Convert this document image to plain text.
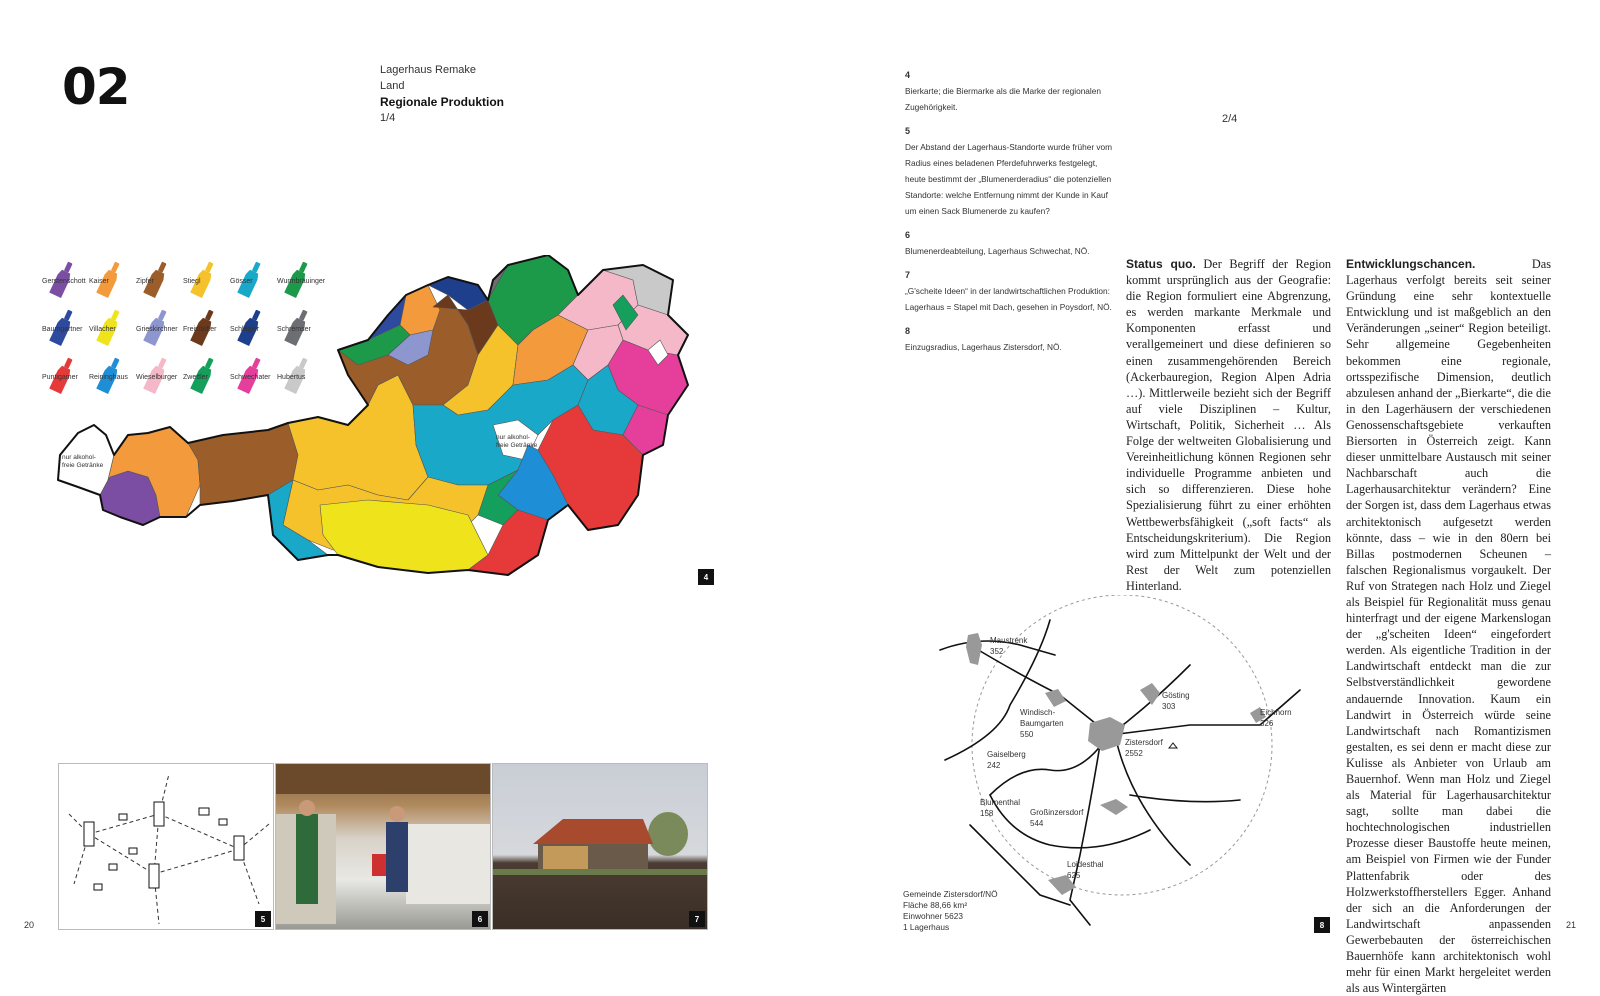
02	Lagerhaus Remake
Land
Regionale Produktion
1/4
Gerstenschott Kaiser	Zipfer	Stiegl	Gösser	Wurmbräuinger
Baumgartner Villacher	Grieskirchner Freistädter	Schlägler	Schremser
Puntigamer	Reininghaus	Wieselburger Zwettler	Schwechater Hubertus
nur alkohol-freie Getränke
nur alkohol-freie Getränke
4
5	6	7
20
4
Bierkarte; die Biermarke als die Marke der regionalen Zugehörigkeit.
5
Der Abstand der Lagerhaus-Standorte wurde früher vom Radius eines beladenen Pferdefuhrwerks festgelegt, heute bestimmt der „Blumenerderadius“ die potenziellen Standorte: welche Entfernung nimmt der Kunde in Kauf um einen Sack Blumenerde zu kaufen?
6
Blumenerdeabteilung, Lagerhaus Schwechat, NÖ.
7
„G'scheite Ideen“ in der landwirtschaftlichen Produktion: Lagerhaus = Stapel mit Dach, gesehen in Poysdorf, NÖ.
8
Einzugsradius, Lagerhaus Zistersdorf, NÖ.
2/4
Status quo. Der Begriff der Region kommt ursprünglich aus der Geografie: die Region formuliert eine Abgrenzung, es werden markante Merkmale und Komponenten erfasst und verallgemeinert und diese definieren so einen zusammengehörenden Bereich (Ackerbauregion, Region Alpen Adria …). Mittlerweile bezieht sich der Begriff auf viele Disziplinen – Kultur, Wirtschaft, Politik, Sicherheit … Als Folge der weltweiten Globalisierung und Vereinheitlichung können Regionen sehr individuelle Programme anbieten und sich so differenzieren. Diese hohe Spezialisierung führt zu einer erhöhten Wettbewerbsfähigkeit („soft facts“ als Entscheidungskriterium). Die Region wird zum Mittelpunkt der Welt und der Rest der Welt zum potenziellen Hinterland.
Entwicklungschancen. Das Lagerhaus verfolgt bereits seit seiner Gründung eine sehr kontextuelle Entwicklung und ist maßgeblich an den Veränderungen „seiner“ Region beteiligt. Sehr allgemeine Gegebenheiten bekommen eine regionale, ortsspezifische Dimension, deutlich abzulesen anhand der „Bierkarte“, die die in den Lagerhäusern der verschiedenen Genossenschaftsgebiete verkauften Biersorten in Österreich zeigt. Kann dieser unmittelbare Austausch mit seiner Nachbarschaft auch die Lagerhausarchitektur verändern? Eine der Sorgen ist, dass dem Lagerhaus etwas architektonisch aufgesetzt werden könnte, dass – wie in den 80ern bei Billas postmodernen Scheunen – falschen Regionalismus vorgaukelt. Der Ruf von Strategen nach Holz und Ziegel als Beispiel für Regionalität muss genau hinterfragt und der eigene Markenslogan der „g'scheiten Ideen“ eingefordert werden. Als eigentliche Tradition in der Landwirtschaft entdeckt man die zur Selbstverständlichkeit gewordene andauernde Innovation. Kaum ein Landwirt in Österreich würde seine Landwirtschaft nach Romantizismen gestalten, es sei denn er macht diese zur Kulisse als Anbieter von Urlaub am Bauernhof. Wenn man Holz und Ziegel als Material für Lagerhausarchitektur sagt, sollte man dabei die hochtechnologischen industriellen Prozesse dieser Baustoffe heute meinen, am Beispiel von Firmen wie der Funder Plattenfabrik oder des Holzwerkstoffherstellers Egger. Anhand der sich an die Anforderungen der Landwirtschaft anpassenden Gewerbebauten der österreichischen Bauernhöfe kann architektonisch wohl mehr für einen Markt hergeleitet werden als aus Wintergärten
Maustrenk 352
Gösting 303
Eichhorn 326
Windisch-Baumgarten 550
Zistersdorf 2552
Gaiselberg 242
Blumenthal 158	Großinzersdorf 544
Loidesthal 625
Gemeinde Zistersdorf/NÖ
Fläche 88,66 km²
Einwohner 5623
1 Lagerhaus	8	21
